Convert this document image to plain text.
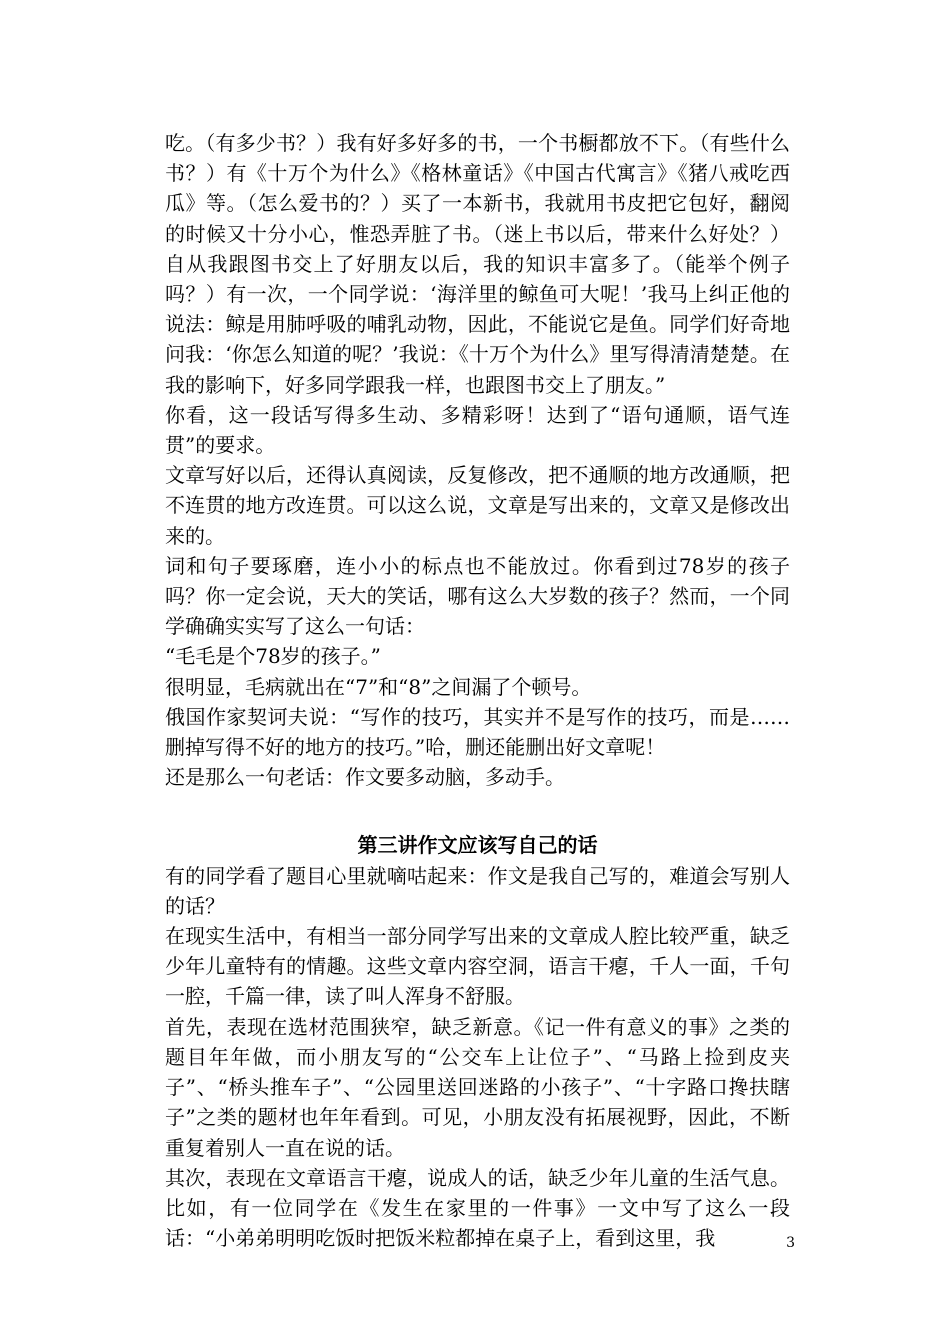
吃。（有多少书？）我有好多好多的书，一个书橱都放不下。（有些什么书？）有《十万个为什么》《格林童话》《中国古代寓言》《猪八戒吃西瓜》等。（怎么爱书的？）买了一本新书，我就用书皮把它包好，翻阅的时候又十分小心，惟恐弄脏了书。（迷上书以后，带来什么好处？）自从我跟图书交上了好朋友以后，我的知识丰富多了。（能举个例子吗？）有一次，一个同学说：‘海洋里的鲸鱼可大呢！’我马上纠正他的说法：鲸是用肺呼吸的哺乳动物，因此，不能说它是鱼。同学们好奇地问我：‘你怎么知道的呢？’我说：《十万个为什么》里写得清清楚楚。在我的影响下，好多同学跟我一样，也跟图书交上了朋友。”

你看，这一段话写得多生动、多精彩呀！达到了“语句通顺，语气连贯”的要求。

文章写好以后，还得认真阅读，反复修改，把不通顺的地方改通顺，把不连贯的地方改连贯。可以这么说，文章是写出来的，文章又是修改出来的。

词和句子要琢磨，连小小的标点也不能放过。你看到过78岁的孩子吗？你一定会说，天大的笑话，哪有这么大岁数的孩子？然而，一个同学确确实实写了这么一句话：

“毛毛是个78岁的孩子。”

很明显，毛病就出在“7”和“8”之间漏了个顿号。

俄国作家契诃夫说：“写作的技巧，其实并不是写作的技巧，而是……删掉写得不好的地方的技巧。”哈，删还能删出好文章呢！

还是那么一句老话：作文要多动脑，多动手。

第三讲作文应该写自己的话

有的同学看了题目心里就嘀咕起来：作文是我自己写的，难道会写别人的话？

在现实生活中，有相当一部分同学写出来的文章成人腔比较严重，缺乏少年儿童特有的情趣。这些文章内容空洞，语言干瘪，千人一面，千句一腔，千篇一律，读了叫人浑身不舒服。

首先，表现在选材范围狭窄，缺乏新意。《记一件有意义的事》之类的题目年年做，而小朋友写的“公交车上让位子”、“马路上捡到皮夹子”、“桥头推车子”、“公园里送回迷路的小孩子”、“十字路口搀扶瞎子”之类的题材也年年看到。可见，小朋友没有拓展视野，因此，不断重复着别人一直在说的话。

其次，表现在文章语言干瘪，说成人的话，缺乏少年儿童的生活气息。比如，有一位同学在《发生在家里的一件事》一文中写了这么一段话：“小弟弟明明吃饭时把饭米粒都掉在桌子上，看到这里，我	3
